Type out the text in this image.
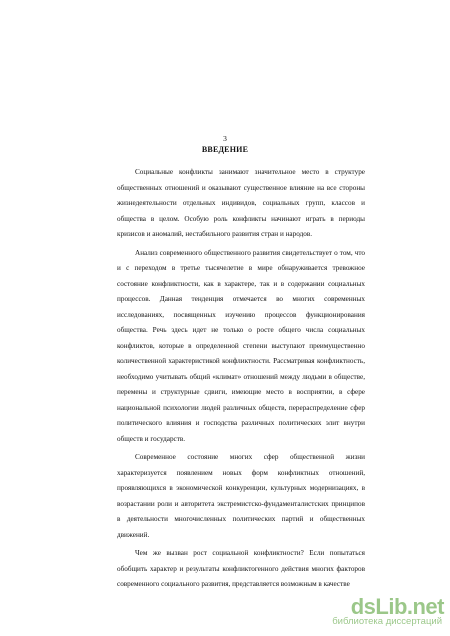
3
ВВЕДЕНИЕ

Социальные конфликты занимают значительное место в структуре общественных отношений и оказывают существенное влияние на все стороны жизнедеятельности отдельных индивидов, социальных групп, классов и общества в целом. Особую роль конфликты начинают играть в периоды кризисов и аномалий, нестабильного развития стран и народов.

Анализ современного общественного развития свидетельствует о том, что и с переходом в третье тысячелетие в мире обнаруживается тревожное состояние конфликтности, как в характере, так и в содержании социальных процессов. Данная тенденция отмечается во многих современных исследованиях, посвященных изучению процессов функционирования общества. Речь здесь идет не только о росте общего числа социальных конфликтов, которые в определенной степени выступают преимущественно количественной характеристикой конфликтности. Рассматривая конфликтность, необходимо учитывать общий «климат» отношений между людьми в обществе, перемены и структурные сдвиги, имеющие место в восприятии, в сфере национальной психологии людей различных обществ, перераспределение сфер политического влияния и господства различных политических элит внутри обществ и государств.

Современное состояние многих сфер общественной жизни характеризуется появлением новых форм конфликтных отношений, проявляющихся в экономической конкуренции, культурных модернизациях, в возрастании роли и авторитета экстремистско-фундаменталистских принципов в деятельности многочисленных политических партий и общественных движений.

Чем же вызван рост социальной конфликтности? Если попытаться обобщить характер и результаты конфликтогенного действия многих факторов современного социального развития, представляется возможным в качестве

dsLib.net
библиотека диссертаций
